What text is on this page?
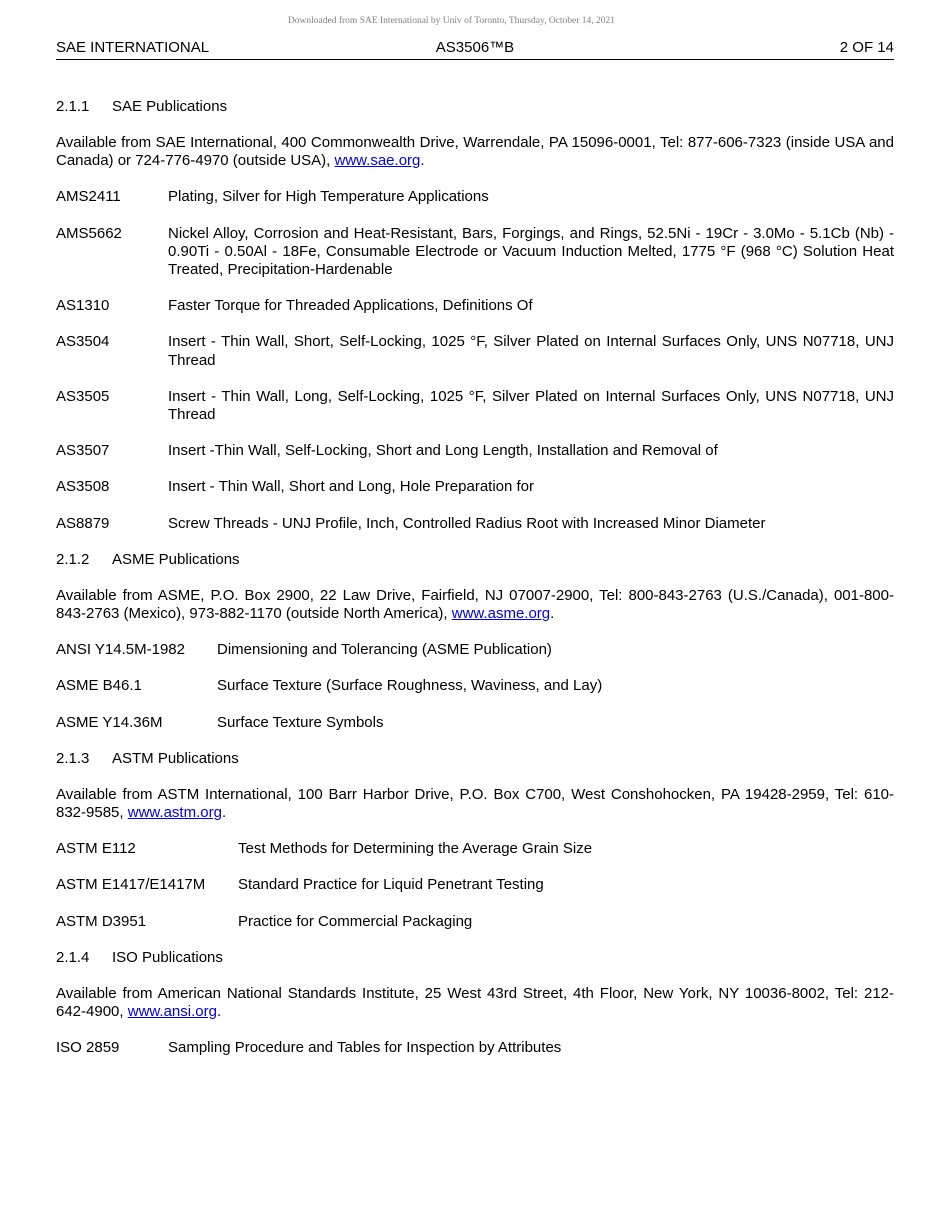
Downloaded from SAE International by Univ of Toronto, Thursday, October 14, 2021
SAE INTERNATIONAL	AS3506™B	2 OF 14
2.1.1 SAE Publications
Available from SAE International, 400 Commonwealth Drive, Warrendale, PA 15096-0001, Tel: 877-606-7323 (inside USA and Canada) or 724-776-4970 (outside USA), www.sae.org.
AMS2411	Plating, Silver for High Temperature Applications
AMS5662	Nickel Alloy, Corrosion and Heat-Resistant, Bars, Forgings, and Rings, 52.5Ni - 19Cr - 3.0Mo - 5.1Cb (Nb) - 0.90Ti - 0.50Al - 18Fe, Consumable Electrode or Vacuum Induction Melted, 1775 °F (968 °C) Solution Heat Treated, Precipitation-Hardenable
AS1310	Faster Torque for Threaded Applications, Definitions Of
AS3504	Insert - Thin Wall, Short, Self-Locking, 1025 °F, Silver Plated on Internal Surfaces Only, UNS N07718, UNJ Thread
AS3505	Insert - Thin Wall, Long, Self-Locking, 1025 °F, Silver Plated on Internal Surfaces Only, UNS N07718, UNJ Thread
AS3507	Insert -Thin Wall, Self-Locking, Short and Long Length, Installation and Removal of
AS3508	Insert - Thin Wall, Short and Long, Hole Preparation for
AS8879	Screw Threads - UNJ Profile, Inch, Controlled Radius Root with Increased Minor Diameter
2.1.2 ASME Publications
Available from ASME, P.O. Box 2900, 22 Law Drive, Fairfield, NJ 07007-2900, Tel: 800-843-2763 (U.S./Canada), 001-800-843-2763 (Mexico), 973-882-1170 (outside North America), www.asme.org.
ANSI Y14.5M-1982	Dimensioning and Tolerancing (ASME Publication)
ASME B46.1	Surface Texture (Surface Roughness, Waviness, and Lay)
ASME Y14.36M	Surface Texture Symbols
2.1.3 ASTM Publications
Available from ASTM International, 100 Barr Harbor Drive, P.O. Box C700, West Conshohocken, PA 19428-2959, Tel: 610-832-9585, www.astm.org.
ASTM E112	Test Methods for Determining the Average Grain Size
ASTM E1417/E1417M	Standard Practice for Liquid Penetrant Testing
ASTM D3951	Practice for Commercial Packaging
2.1.4 ISO Publications
Available from American National Standards Institute, 25 West 43rd Street, 4th Floor, New York, NY 10036-8002, Tel: 212-642-4900, www.ansi.org.
ISO 2859	Sampling Procedure and Tables for Inspection by Attributes
